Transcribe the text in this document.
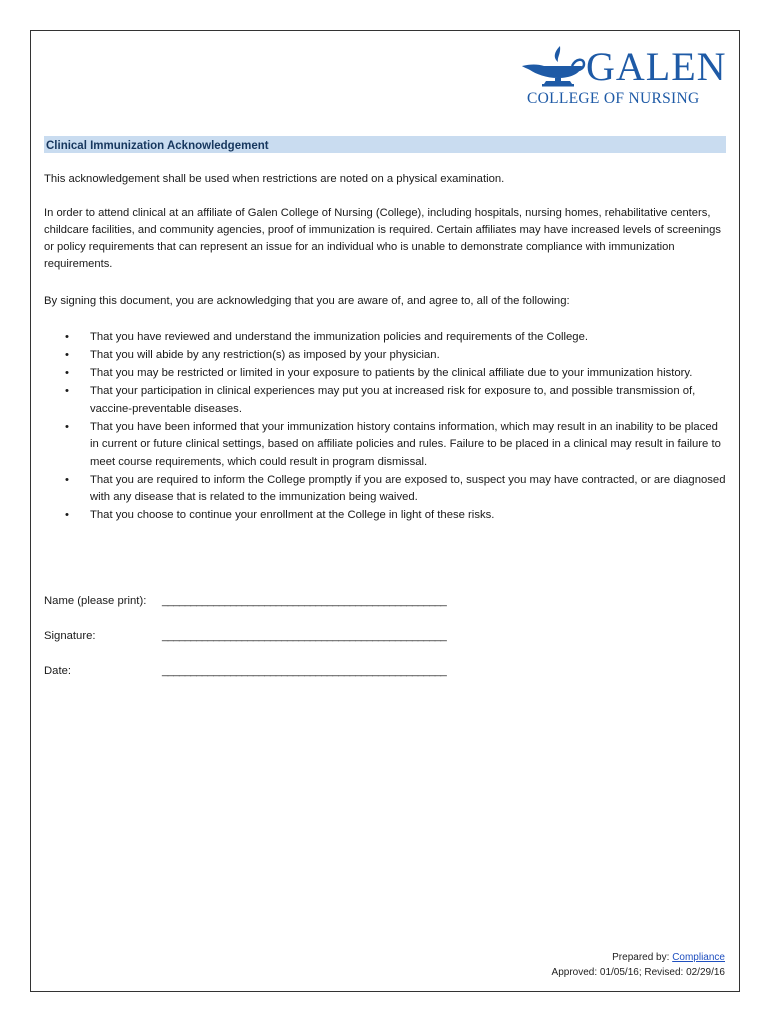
GALEN
COLLEGE OF NURSING
Clinical Immunization Acknowledgement
This acknowledgement shall be used when restrictions are noted on a physical examination.
In order to attend clinical at an affiliate of Galen College of Nursing (College), including hospitals, nursing homes, rehabilitative centers, childcare facilities, and community agencies, proof of immunization is required. Certain affiliates may have increased levels of screenings or policy requirements that can represent an issue for an individual who is unable to demonstrate compliance with immunization requirements.
By signing this document, you are acknowledging that you are aware of, and agree to, all of the following:
• That you have reviewed and understand the immunization policies and requirements of the College.
• That you will abide by any restriction(s) as imposed by your physician.
• That you may be restricted or limited in your exposure to patients by the clinical affiliate due to your immunization history.
• That your participation in clinical experiences may put you at increased risk for exposure to, and possible transmission of, vaccine-preventable diseases.
• That you have been informed that your immunization history contains information, which may result in an inability to be placed in current or future clinical settings, based on affiliate policies and rules. Failure to be placed in a clinical may result in failure to meet course requirements, which could result in program dismissal.
• That you are required to inform the College promptly if you are exposed to, suspect you may have contracted, or are diagnosed with any disease that is related to the immunization being waived.
• That you choose to continue your enrollment at the College in light of these risks.
Name (please print): __________________________________________________
Signature:	__________________________________________________
Date:	__________________________________________________
Prepared by: Compliance
Approved: 01/05/16; Revised: 02/29/16
